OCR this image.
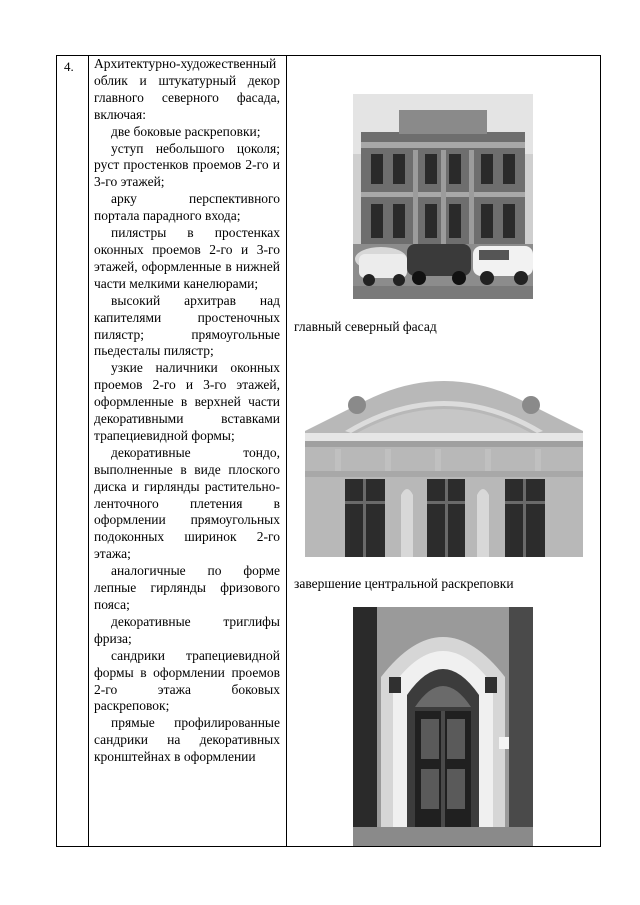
4. Архитектурно-художественный облик и штукатурный декор главного северного фасада, включая:

две боковые раскреповки;

уступ небольшого цоколя; руст простенков проемов 2-го и 3-го этажей;

арку перспективного портала парадного входа;

пилястры в простенках оконных проемов 2-го и 3-го этажей, оформленные в нижней части мелкими канелюрами;

высокий архитрав над капителями простеночных пилястр; прямоугольные пьедесталы пилястр;

узкие наличники оконных проемов 2-го и 3-го этажей, оформленные в верхней части декоративными вставками трапециевидной формы;

декоративные тондо, выполненные в виде плоского диска и гирлянды растительно-ленточного плетения в оформлении прямоугольных подоконных ширинок 2-го этажа;

аналогичные по форме лепные гирлянды фризового пояса;

декоративные триглифы фриза;

сандрики трапециевидной формы в оформлении проемов 2-го этажа боковых раскреповок;

прямые профилированные сандрики на декоративных кронштейнах в оформлении

главный северный фасад
завершение центральной раскреповки
